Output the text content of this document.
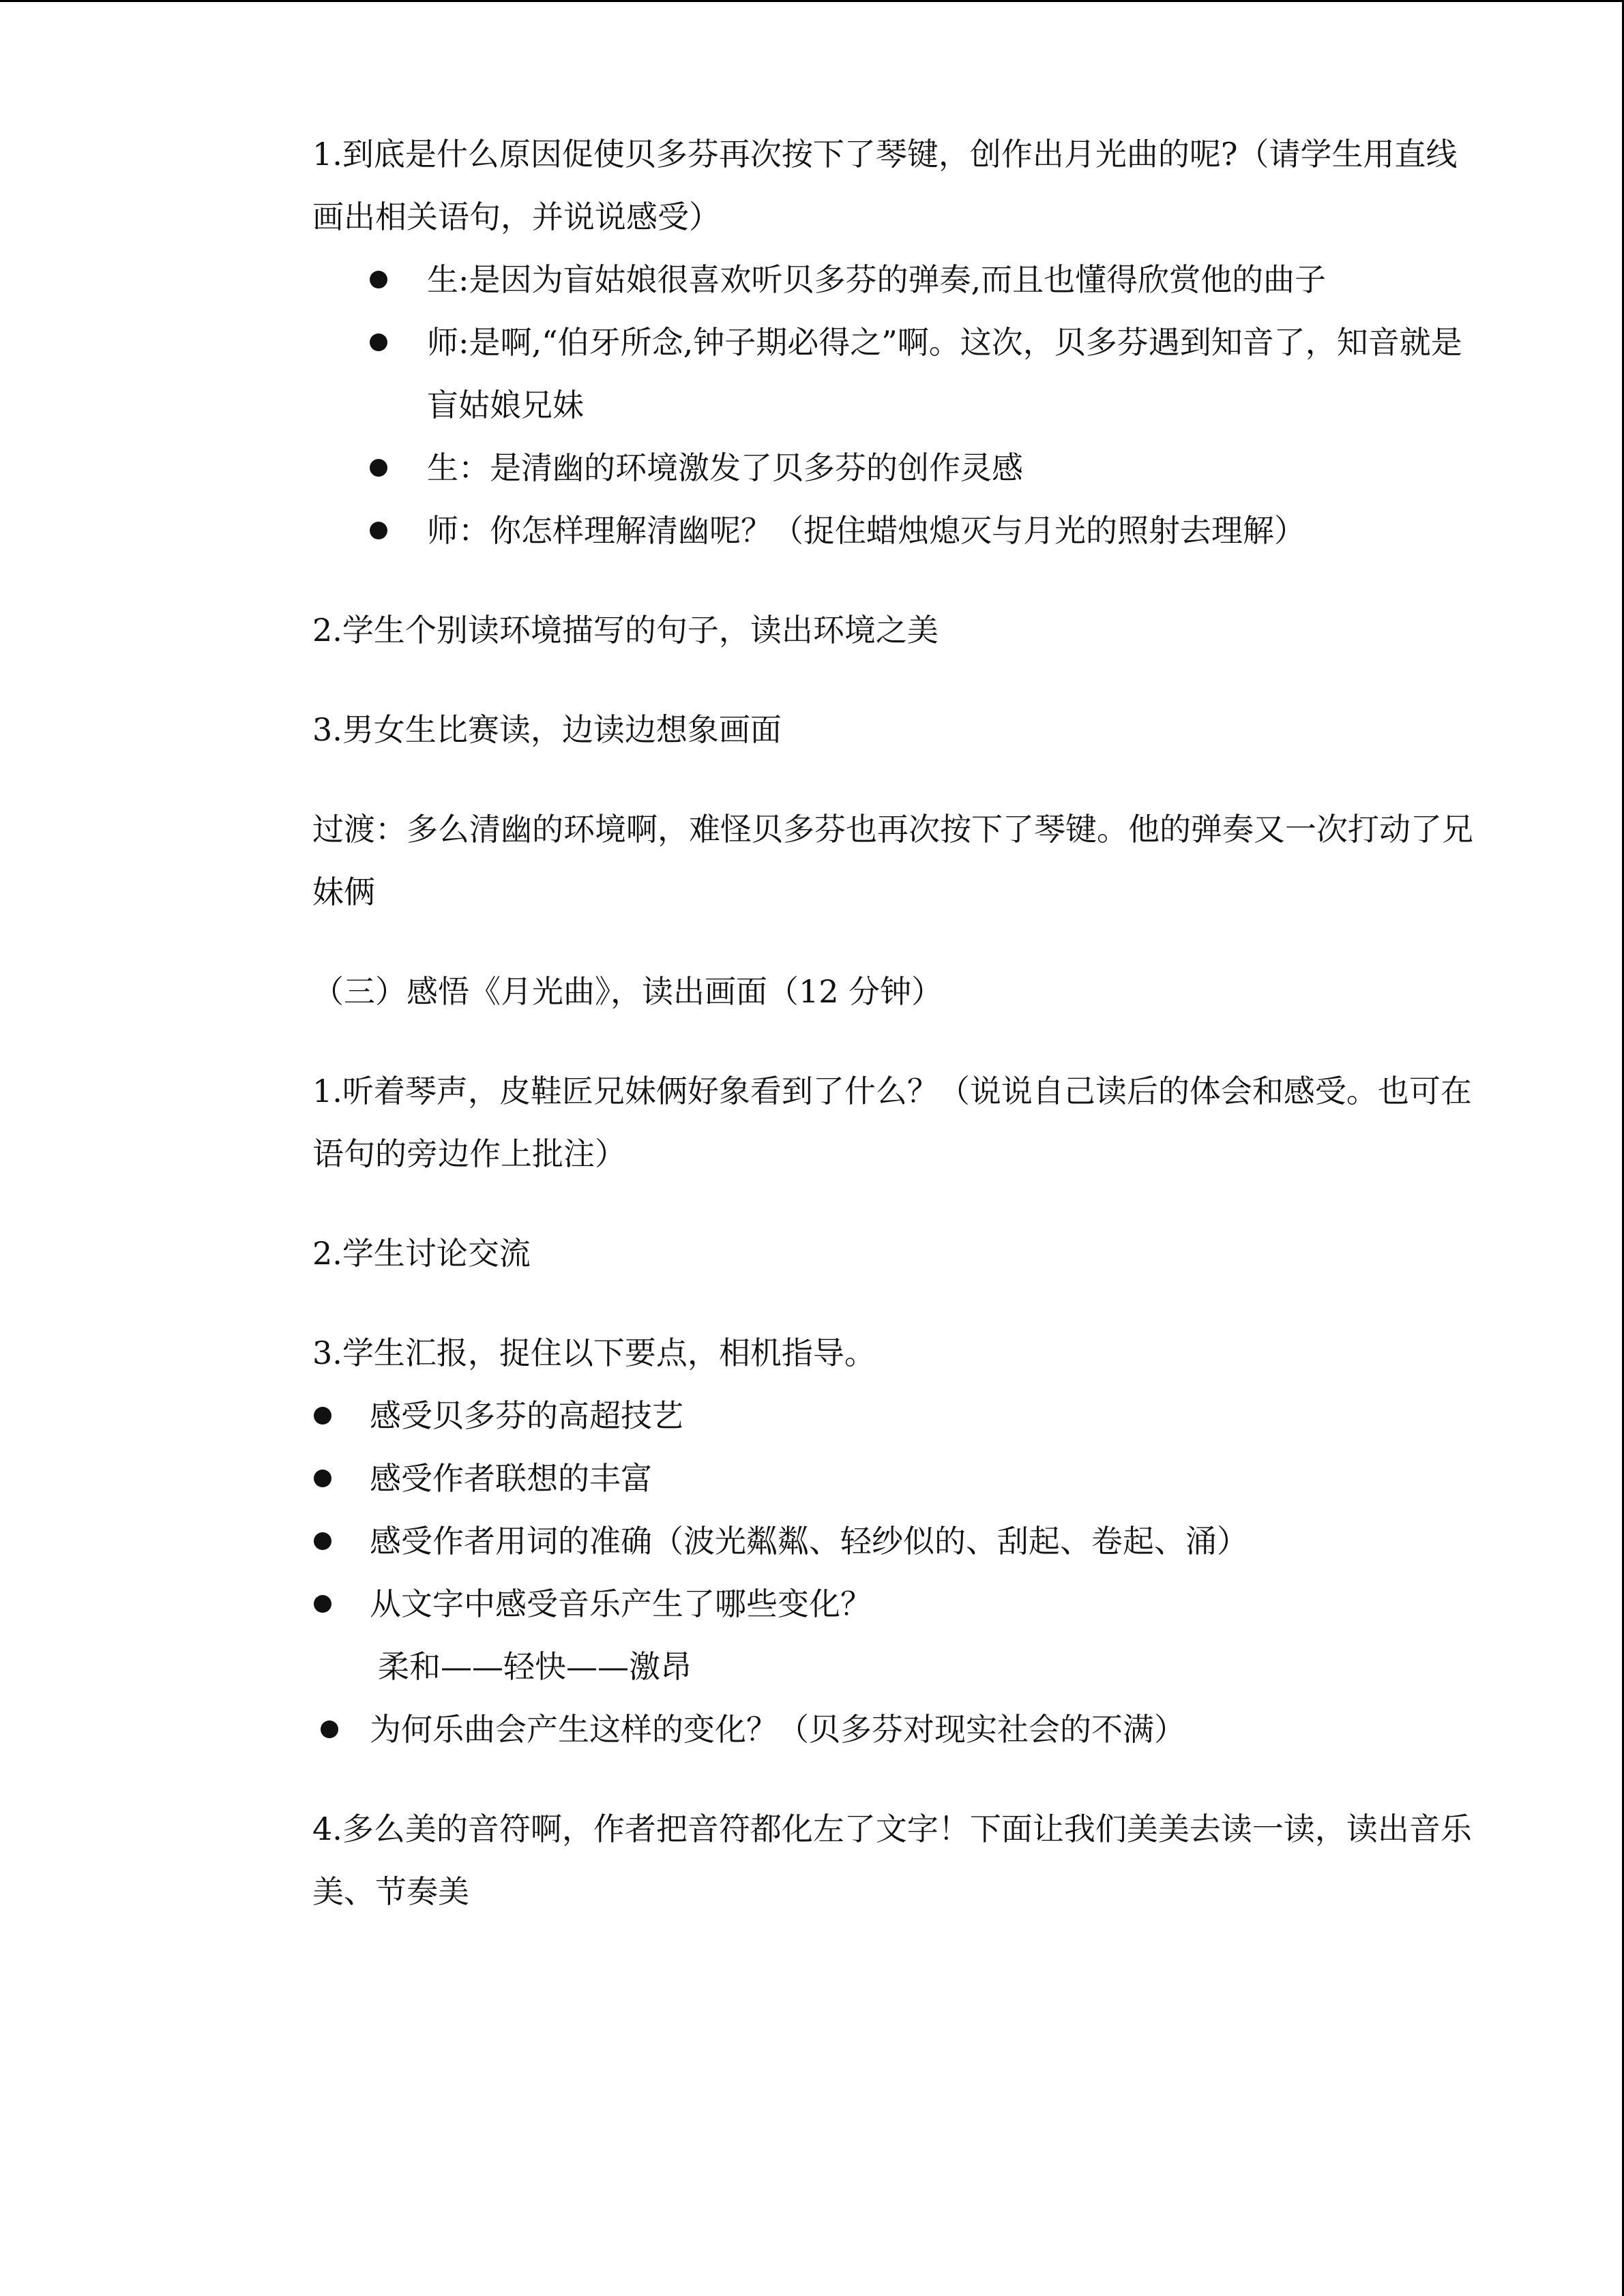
1.到底是什么原因促使贝多芬再次按下了琴键，创作出月光曲的呢?（请学生用直线画出相关语句，并说说感受）

生:是因为盲姑娘很喜欢听贝多芬的弹奏,而且也懂得欣赏他的曲子
师:是啊,“伯牙所念,钟子期必得之”啊。这次，贝多芬遇到知音了，知音就是盲姑娘兄妹
生：是清幽的环境激发了贝多芬的创作灵感
师：你怎样理解清幽呢？（捉住蜡烛熄灭与月光的照射去理解）

2.学生个别读环境描写的句子，读出环境之美

3.男女生比赛读，边读边想象画面

过渡：多么清幽的环境啊，难怪贝多芬也再次按下了琴键。他的弹奏又一次打动了兄妹俩

（三）感悟《月光曲》，读出画面（12 分钟）

1.听着琴声，皮鞋匠兄妹俩好象看到了什么？（说说自己读后的体会和感受。也可在语句的旁边作上批注）

2.学生讨论交流

3.学生汇报，捉住以下要点，相机指导。

感受贝多芬的高超技艺
感受作者联想的丰富
感受作者用词的准确（波光粼粼、轻纱似的、刮起、卷起、涌）
从文字中感受音乐产生了哪些变化？

柔和——轻快——激昂

为何乐曲会产生这样的变化？（贝多芬对现实社会的不满）

4.多么美的音符啊，作者把音符都化左了文字！下面让我们美美去读一读，读出音乐美、节奏美
